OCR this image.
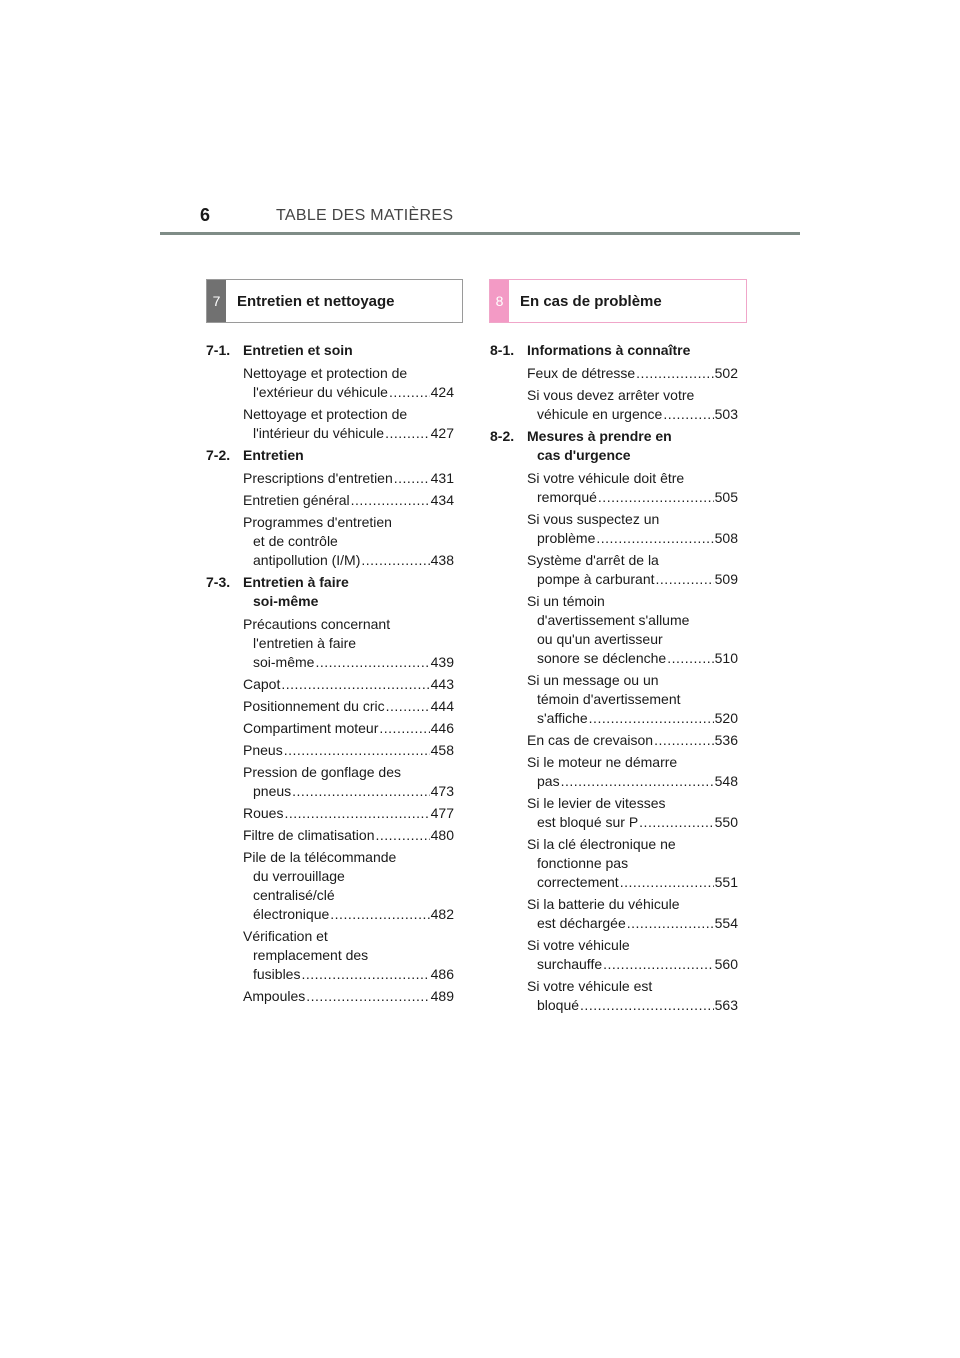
6	TABLE DES MATIÈRES
7	Entretien et nettoyage	8	En cas de problème
7-1. Entretien et soin
Nettoyage et protection de
l'extérieur du véhicule .....	424
Nettoyage et protection de
l'intérieur du véhicule .....	427
7-2. Entretien
Prescriptions d'entretien .....	431
Entretien général .....	434
Programmes d'entretien
et de contrôle
antipollution (I/M) .....	438
7-3. Entretien à faire
soi-même
Précautions concernant
l'entretien à faire
soi-même .....	439
Capot .....	443
Positionnement du cric .....	444
Compartiment moteur .....	446
Pneus .....	458
Pression de gonflage des
pneus .....	473
Roues .....	477
Filtre de climatisation .....	480
Pile de la télécommande
du verrouillage
centralisé/clé
électronique .....	482
Vérification et
remplacement des
fusibles .....	486
Ampoules .....	489
8-1. Informations à connaître
Feux de détresse .....	502
Si vous devez arrêter votre
véhicule en urgence .....	503
8-2. Mesures à prendre en
cas d'urgence
Si votre véhicule doit être
remorqué .....	505
Si vous suspectez un
problème .....	508
Système d'arrêt de la
pompe à carburant .....	509
Si un témoin
d'avertissement s'allume
ou qu'un avertisseur
sonore se déclenche .....	510
Si un message ou un
témoin d'avertissement
s'affiche .....	520
En cas de crevaison .....	536
Si le moteur ne démarre
pas .....	548
Si le levier de vitesses
est bloqué sur P .....	550
Si la clé électronique ne
fonctionne pas
correctement .....	551
Si la batterie du véhicule
est déchargée .....	554
Si votre véhicule
surchauffe .....	560
Si votre véhicule est
bloqué .....	563
